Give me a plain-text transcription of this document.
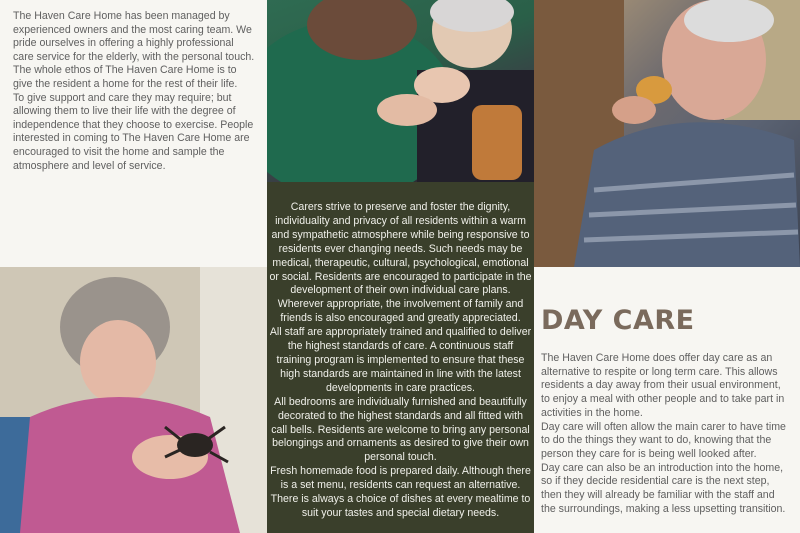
The Haven Care Home has been managed by experienced owners and the most caring team. We pride ourselves in offering a highly professional care service for the elderly, with the personal touch.

The whole ethos of The Haven Care Home is to give the resident a home for the rest of their life.

To give support and care they may require; but allowing them to live their life with the degree of independence that they choose to exercise. People interested in coming to The Haven Care Home are encouraged to visit the home and sample the atmosphere and level of service.

Carers strive to preserve and foster the dignity, individuality and privacy of all residents within a warm and sympathetic atmosphere while being responsive to residents ever changing needs. Such needs may be medical, therapeutic, cultural, psychological, emotional or social. Residents are encouraged to participate in the development of their own individual care plans. Wherever appropriate, the involvement of family and friends is also encouraged and greatly appreciated.

All staff are appropriately trained and qualified to deliver the highest standards of care. A continuous staff training program is implemented to ensure that these high standards are maintained in line with the latest developments in care practices.

All bedrooms are individually furnished and beautifully decorated to the highest standards and all fitted with call bells. Residents are welcome to bring any personal belongings and ornaments as desired to give their own personal touch.

Fresh homemade food is prepared daily. Although there is a set menu, residents can request an alternative. There is always a choice of dishes at every mealtime to suit your tastes and special dietary needs.

DAY CARE

The Haven Care Home does offer day care as an alternative to respite or long term care. This allows residents a day away from their usual environment, to enjoy a meal with other people and to take part in activities in the home.

Day care will often allow the main carer to have time to do the things they want to do, knowing that the person they care for is being well looked after.

Day care can also be an introduction into the home, so if they decide residential care is the next step, then they will already be familiar with the staff and the surroundings, making a less upsetting transition.
